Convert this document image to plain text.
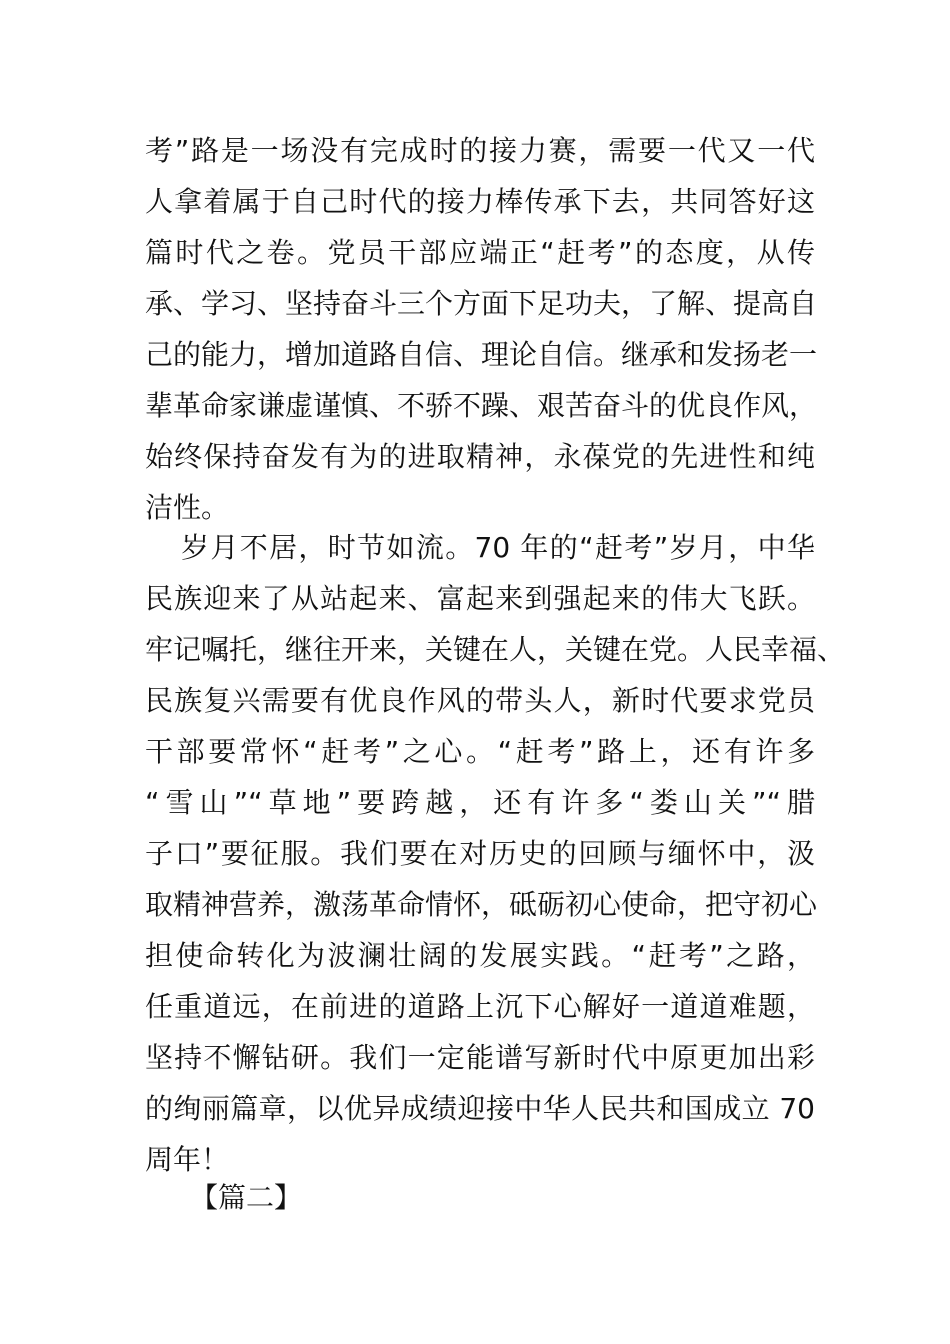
考”路是一场没有完成时的接力赛，需要一代又一代
人拿着属于自己时代的接力棒传承下去，共同答好这
篇时代之卷。党员干部应端正“赶考”的态度，从传
承、学习、坚持奋斗三个方面下足功夫，了解、提高自
己的能力，增加道路自信、理论自信。继承和发扬老一
辈革命家谦虚谨慎、不骄不躁、艰苦奋斗的优良作风，
始终保持奋发有为的进取精神，永葆党的先进性和纯
洁性。
岁月不居，时节如流。70 年的“赶考”岁月，中华
民族迎来了从站起来、富起来到强起来的伟大飞跃。
牢记嘱托，继往开来，关键在人，关键在党。人民幸福、
民族复兴需要有优良作风的带头人，新时代要求党员
干部要常怀“赶考”之心。“赶考”路上，还有许多
“雪山”“草地”要跨越，还有许多“娄山关”“腊
子口”要征服。我们要在对历史的回顾与缅怀中，汲
取精神营养，激荡革命情怀，砥砺初心使命，把守初心
担使命转化为波澜壮阔的发展实践。“赶考”之路，
任重道远，在前进的道路上沉下心解好一道道难题，
坚持不懈钻研。我们一定能谱写新时代中原更加出彩
的绚丽篇章，以优异成绩迎接中华人民共和国成立 70
周年！
【篇二】
